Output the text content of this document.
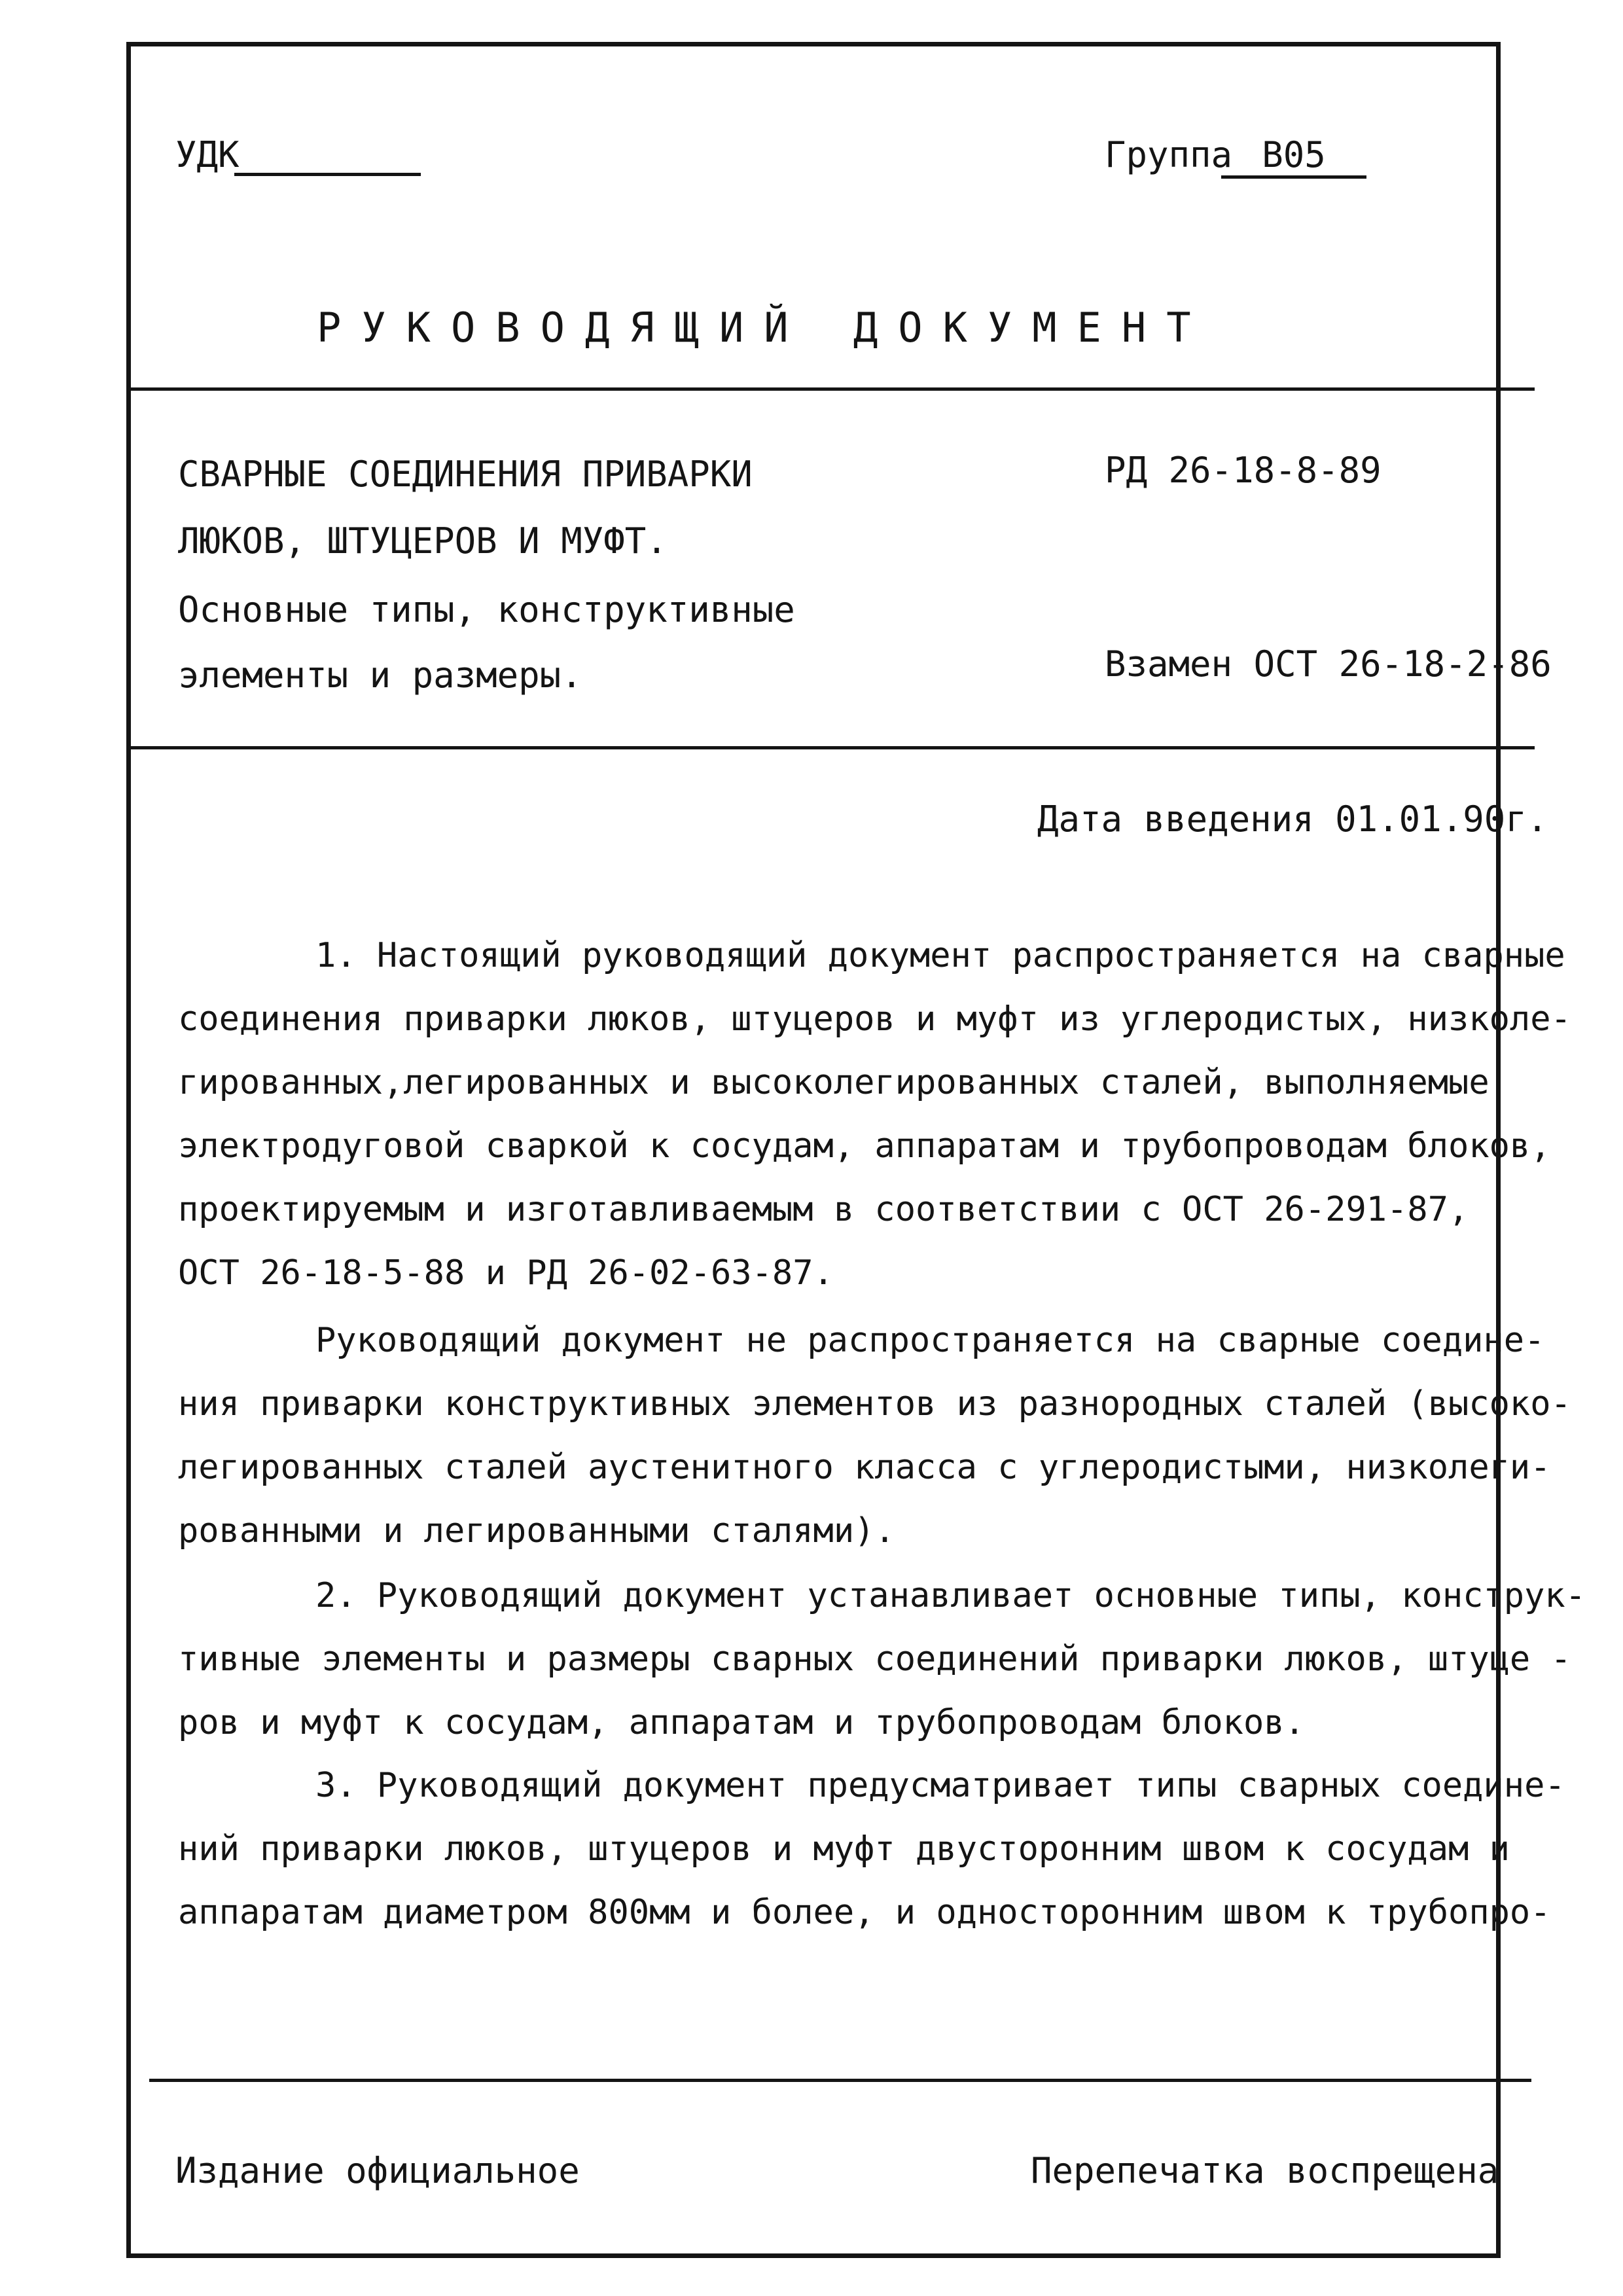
УДК	Группа В05
РУКОВОДЯЩИЙ ДОКУМЕНТ
СВАРНЫЕ СОЕДИНЕНИЯ ПРИВАРКИ
ЛЮКОВ, ШТУЦЕРОВ И МУФТ.
Основные типы, конструктивные
элементы и размеры.
РД 26-18-8-89
Взамен ОСТ 26-18-2-86
Дата введения 01.01.90г.
1. Настоящий руководящий документ распространяется на сварные
соединения приварки люков, штуцеров и муфт из углеродистых, низколе-
гированных,легированных и высоколегированных сталей, выполняемые
электродуговой сваркой к сосудам, аппаратам и трубопроводам блоков,
проектируемым и изготавливаемым в соответствии с ОСТ 26-291-87,
ОСТ 26-18-5-88 и РД 26-02-63-87.
Руководящий документ не распространяется на сварные соедине-
ния приварки конструктивных элементов из разнородных сталей (высоко-
легированных сталей аустенитного класса с углеродистыми, низколеги-
рованными и легированными сталями).
2. Руководящий документ устанавливает основные типы, конструк-
тивные элементы и размеры сварных соединений приварки люков, штуце -
ров и муфт к сосудам, аппаратам и трубопроводам блоков.
3. Руководящий документ предусматривает типы сварных соедине-
ний приварки люков, штуцеров и муфт двусторонним швом к сосудам и
аппаратам диаметром 800мм и более, и односторонним швом к трубопро-
Издание официальное	Перепечатка воспрещена
